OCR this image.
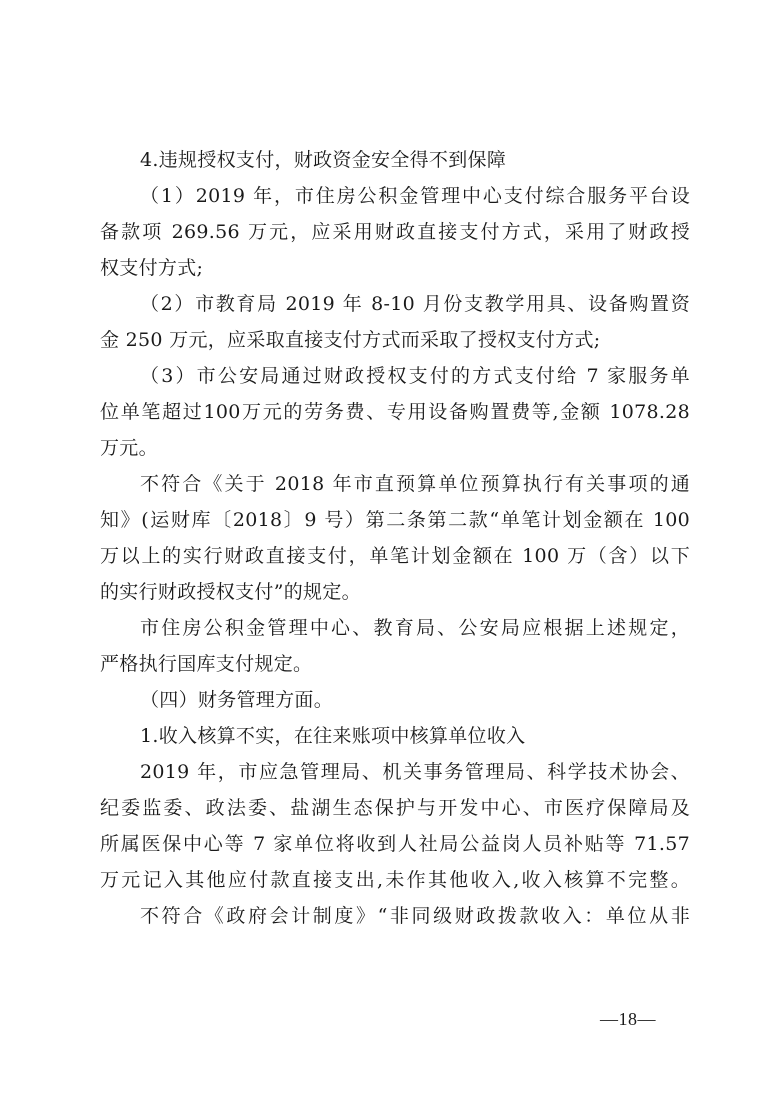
4.违规授权支付，财政资金安全得不到保障
（1）2019 年，市住房公积金管理中心支付综合服务平台设
备款项 269.56 万元，应采用财政直接支付方式，采用了财政授
权支付方式;
（2）市教育局 2019 年 8-10 月份支教学用具、设备购置资
金 250 万元，应采取直接支付方式而采取了授权支付方式;
（3）市公安局通过财政授权支付的方式支付给 7 家服务单
位单笔超过100万元的劳务费、专用设备购置费等,金额 1078.28
万元。
不符合《关于 2018 年市直预算单位预算执行有关事项的通
知》(运财库〔2018〕9 号）第二条第二款“单笔计划金额在 100
万以上的实行财政直接支付，单笔计划金额在 100 万（含）以下
的实行财政授权支付”的规定。
市住房公积金管理中心、教育局、公安局应根据上述规定，
严格执行国库支付规定。
（四）财务管理方面。
1.收入核算不实，在往来账项中核算单位收入
2019 年，市应急管理局、机关事务管理局、科学技术协会、
纪委监委、政法委、盐湖生态保护与开发中心、市医疗保障局及
所属医保中心等 7 家单位将收到人社局公益岗人员补贴等 71.57
万元记入其他应付款直接支出,未作其他收入,收入核算不完整。
不符合《政府会计制度》“非同级财政拨款收入：单位从非
—18—
